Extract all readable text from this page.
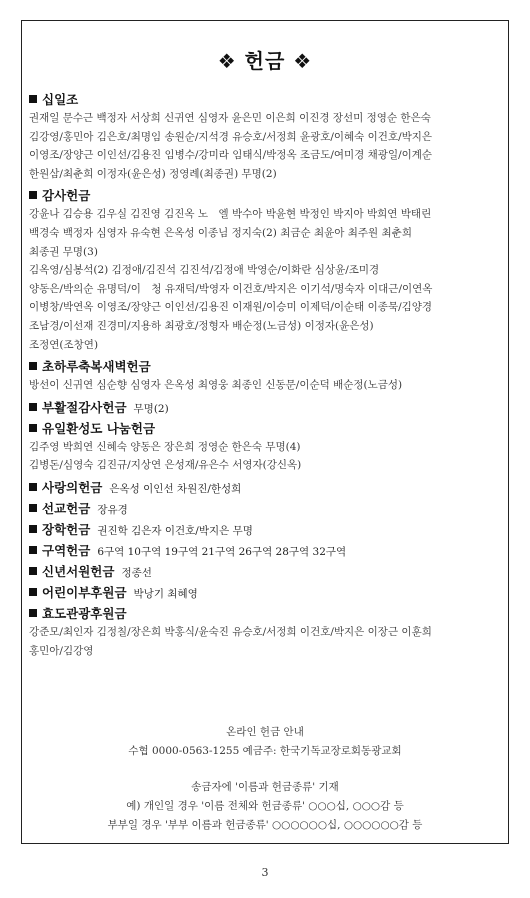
❖ 헌금 ❖
십일조
권재일 문수근 백정자 서상희 신귀연 심영자 윤은민 이은희 이진경 장선미 정영순 한은숙
김강영/홍민아 김은호/최명임 송원순/지석경 유승호/서정희 윤광호/이혜숙 이건호/박지은
이영조/장양근 이인선/김용진 임병수/강미라 임태식/박정옥 조금도/여미경 채광일/이계순
한원삼/최춘희 이정자(윤은성) 정영례(최종권) 무명(2)
감사헌금
강윤나 김승용 김우실 김진영 김진옥 노　엘 박수아 박윤현 박정인 박지아 박희연 박태린
백경숙 백정자 심영자 유숙현 은옥성 이종님 정지숙(2) 최금순 최윤아 최주원 최춘희
최종권 무명(3)
김옥영/심봉석(2) 김정애/김진석 김진석/김정애 박영순/이화란 심상윤/조미경
양동은/박의순 유명덕/이　청 유재덕/박영자 이건호/박지은 이기석/명숙자 이대근/이연옥
이병창/박연옥 이영조/장양근 이인선/김용진 이재원/이승미 이제덕/이순태 이종묵/김양경
조남경/이선재 진경미/지용하 최광호/정형자 배순정(노금성) 이정자(윤은성)
조정연(조창연)
초하루축복새벽헌금
방선이 신귀연 심순향 심영자 은옥성 최영웅 최종인 신동문/이순덕 배순정(노금성)
부활절감사헌금 무명(2)
유일환성도 나눔헌금
김주영 박희연 신혜숙 양동은 장은희 정영순 한은숙 무명(4)
김병돈/심영숙 김진규/지상연 은성재/유은수 서영자(강신옥)
사랑의헌금 은옥성 이인선 차원진/한성희
선교헌금 장유경
장학헌금 권진학 김은자 이건호/박지은 무명
구역헌금 6구역 10구역 19구역 21구역 26구역 28구역 32구역
신년서원헌금 정종선
어린이부후원금 박낭기 최혜영
효도관광후원금
강준모/최인자 김정칠/장은희 박홍식/윤숙진 유승호/서정희 이건호/박지은 이장근 이훈희
홍민아/김강영
온라인 헌금 안내
수협 0000-0563-1255 예금주: 한국기독교장로회동광교회
송금자에 '이름과 헌금종류' 기재
예) 개인일 경우 '이름 전체와 헌금종류' ○○○십, ○○○감 등
부부일 경우 '부부 이름과 헌금종류' ○○○○○○십, ○○○○○○감 등
3
